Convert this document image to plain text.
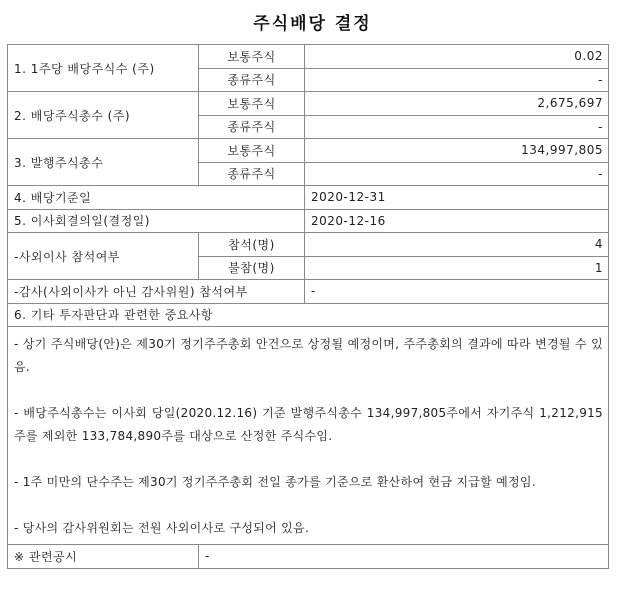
주식배당 결정
1. 1주당 배당주식수 (주)	보통주식	0.02
	종류주식	-
2. 배당주식총수 (주)	보통주식	2,675,697
	종류주식	-
3. 발행주식총수	보통주식	134,997,805
	종류주식	-
4. 배당기준일		2020-12-31
5. 이사회결의일(결정일)		2020-12-16
-사외이사 참석여부	참석(명)	4
	불참(명)	1
-감사(사외이사가 아닌 감사위원) 참석여부		-
6. 기타 투자판단과 관련한 중요사항		

- 상기 주식배당(안)은 제30기 정기주주총회 안건으로 상정될 예정이며, 주주총회의 결과에 따라 변경될 수 있음.
- 배당주식총수는 이사회 당일(2020.12.16) 기준 발행주식총수 134,997,805주에서 자기주식 1,212,915주를 제외한 133,784,890주를 대상으로 산정한 주식수임.
- 1주 미만의 단수주는 제30기 정기주주총회 전일 종가를 기준으로 환산하여 현금 지급할 예정임.
- 당사의 감사위원회는 전원 사외이사로 구성되어 있음.		

※ 관련공시	-	
